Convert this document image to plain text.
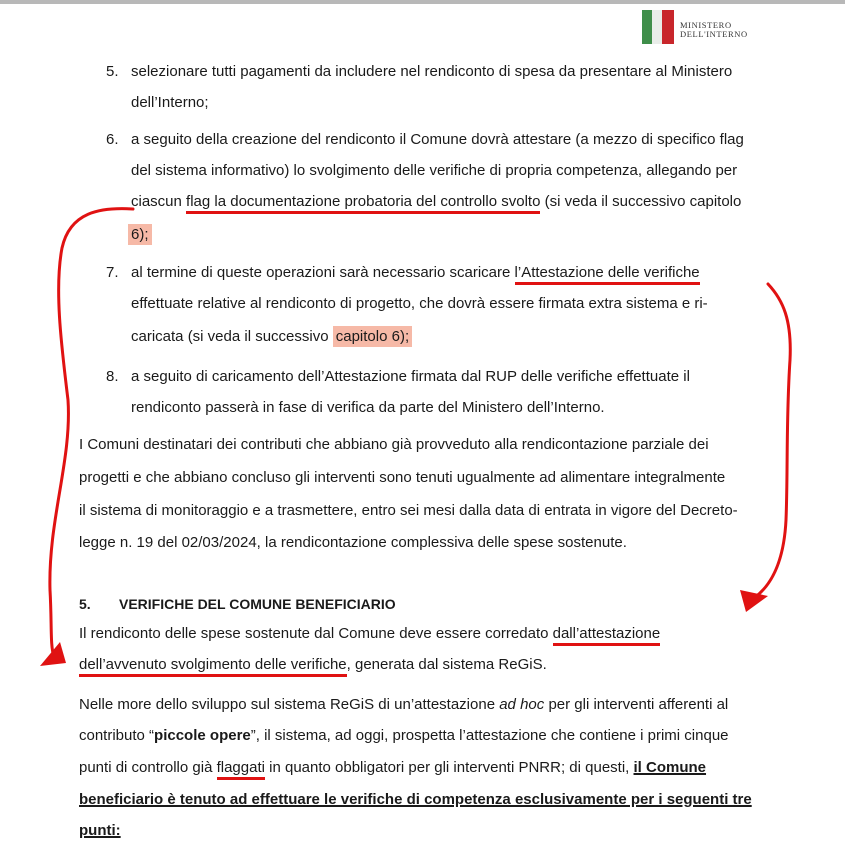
MINISTERO
DELL'INTERNO
5. selezionare tutti pagamenti da includere nel rendiconto di spesa da presentare al Ministero
dell’Interno;
6. a seguito della creazione del rendiconto il Comune dovrà attestare (a mezzo di specifico flag
del sistema informativo) lo svolgimento delle verifiche di propria competenza, allegando per
ciascun flag la documentazione probatoria del controllo svolto (si veda il successivo capitolo
6);
7. al termine di queste operazioni sarà necessario scaricare l’Attestazione delle verifiche
effettuate relative al rendiconto di progetto, che dovrà essere firmata extra sistema e ri-
caricata (si veda il successivo capitolo 6);
8. a seguito di caricamento dell’Attestazione firmata dal RUP delle verifiche effettuate il
rendiconto passerà in fase di verifica da parte del Ministero dell’Interno.
I Comuni destinatari dei contributi che abbiano già provveduto alla rendicontazione parziale dei
progetti e che abbiano concluso gli interventi sono tenuti ugualmente ad alimentare integralmente
il sistema di monitoraggio e a trasmettere, entro sei mesi dalla data di entrata in vigore del Decreto-
legge n. 19 del 02/03/2024, la rendicontazione complessiva delle spese sostenute.
5. VERIFICHE DEL COMUNE BENEFICIARIO
Il rendiconto delle spese sostenute dal Comune deve essere corredato dall’attestazione
dell’avvenuto svolgimento delle verifiche, generata dal sistema ReGiS.
Nelle more dello sviluppo sul sistema ReGiS di un’attestazione ad hoc per gli interventi afferenti al
contributo “piccole opere”, il sistema, ad oggi, prospetta l’attestazione che contiene i primi cinque
punti di controllo già flaggati in quanto obbligatori per gli interventi PNRR; di questi, il Comune
beneficiario è tenuto ad effettuare le verifiche di competenza esclusivamente per i seguenti tre
punti:
